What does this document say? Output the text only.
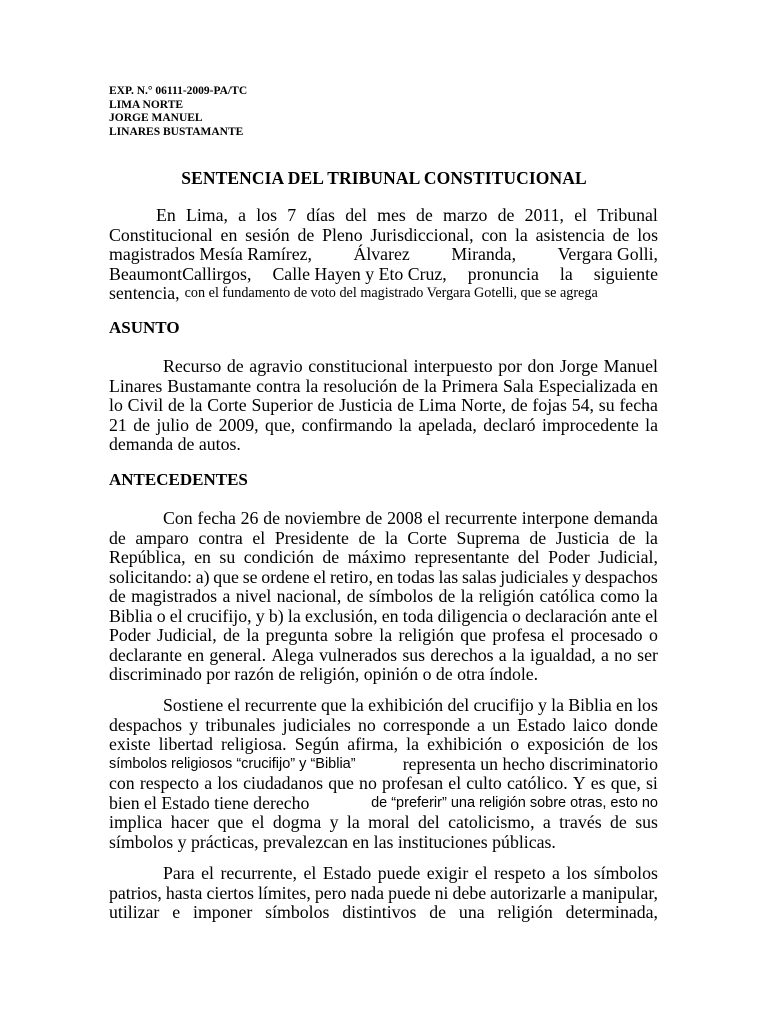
EXP. N.° 06111-2009-PA/TC
LIMA NORTE
JORGE MANUEL
LINARES BUSTAMANTE
SENTENCIA DEL TRIBUNAL CONSTITUCIONAL
En Lima, a los 7 días del mes de marzo de 2011, el Tribunal
Constitucional en sesión de Pleno Jurisdiccional, con la asistencia de los
magistrados Mesía Ramírez, Álvarez Miranda, Vergara Golli,
BeaumontCallirgos, Calle Hayen y Eto Cruz, pronuncia la siguiente
sentencia, con el fundamento de voto del magistrado Vergara Gotelli, que se agrega
ASUNTO
Recurso de agravio constitucional interpuesto por don Jorge Manuel
Linares Bustamante contra la resolución de la Primera Sala Especializada en
lo Civil de la Corte Superior de Justicia de Lima Norte, de fojas 54, su fecha
21 de julio de 2009, que, confirmando la apelada, declaró improcedente la
demanda de autos.
ANTECEDENTES
Con fecha 26 de noviembre de 2008 el recurrente interpone demanda
de amparo contra el Presidente de la Corte Suprema de Justicia de la
República, en su condición de máximo representante del Poder Judicial,
solicitando: a) que se ordene el retiro, en todas las salas judiciales y despachos
de magistrados a nivel nacional, de símbolos de la religión católica como la
Biblia o el crucifijo, y b) la exclusión, en toda diligencia o declaración ante el
Poder Judicial, de la pregunta sobre la religión que profesa el procesado o
declarante en general. Alega vulnerados sus derechos a la igualdad, a no ser
discriminado por razón de religión, opinión o de otra índole.
Sostiene el recurrente que la exhibición del crucifijo y la Biblia en los
despachos y tribunales judiciales no corresponde a un Estado laico donde
existe libertad religiosa. Según afirma, la exhibición o exposición de los
símbolos religiosos “crucifijo” y “Biblia”	representa un hecho discriminatorio
con respecto a los ciudadanos que no profesan el culto católico. Y es que, si
bien el Estado tiene derecho	de “preferir” una religión sobre otras, esto no
implica hacer que el dogma y la moral del catolicismo, a través de sus
símbolos y prácticas, prevalezcan en las instituciones públicas.
Para el recurrente, el Estado puede exigir el respeto a los símbolos
patrios, hasta ciertos límites, pero nada puede ni debe autorizarle a manipular,
utilizar e imponer símbolos distintivos de una religión determinada,
